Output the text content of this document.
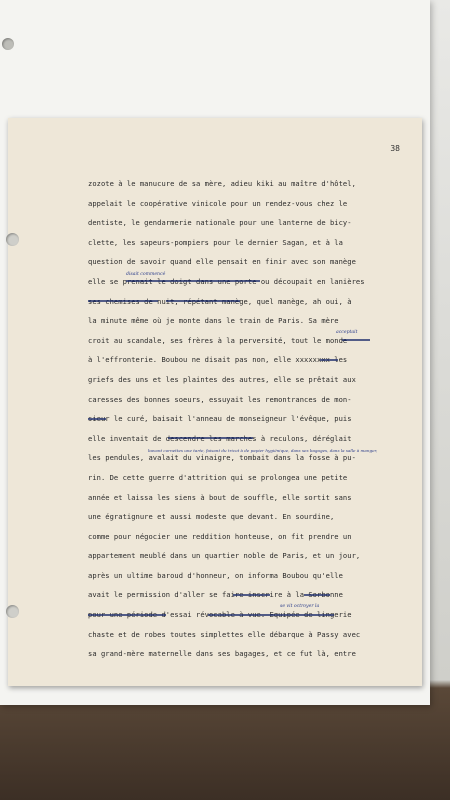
38
zozote à le manucure de sa mère, adieu kiki au maître d'hôtel,
appelait le coopérative vinicole pour un rendez-vous chez le
dentiste, le gendarmerie nationale pour une lanterne de bicy-
clette, les sapeurs-pompiers pour le dernier Sagan, et à la
question de savoir quand elle pensait en finir avec son manège
elle se prenait le doigt dans une porte ou découpait en lanières
ses chemises de nuit, répétant manège, quel manège, ah oui, à
la minute même où je monte dans le train de Paris. Sa mère
croit au scandale, ses frères à la perversité, tout le monde
à l'effronterie. Boubou ne disait pas non, elle xxxxxxxx les
griefs des uns et les plaintes des autres, elle se prêtait aux
caresses des bonnes soeurs, essuyait les remontrances de mon-
sieur le curé, baisait l'anneau de monseigneur l'évêque, puis
elle inventait de descendre les marches à reculons, déréglait
les pendules, avalait du vinaigre, tombait dans la fosse à pu-
rin. De cette guerre d'attrition qui se prolongea une petite
année et laissa les siens à bout de souffle, elle sortit sans
une égratignure et aussi modeste que devant. En sourdine,
comme pour négocier une reddition honteuse, on fit prendre un
appartement meublé dans un quartier noble de Paris, et un jour,
après un ultime baroud d'honneur, on informa Boubou qu'elle
avait le permission d'aller se faire inscrire à la Sorbonne
pour une période d'essai révocable à vue. Equipée de lingerie
chaste et de robes toutes simplettes elle débarque à Passy avec
sa grand-mère maternelle dans ses bagages, et ce fut là, entre
disait commencé
acceptait
bavant cornettes une tarte, faisant du tricot à de papier hygiénique, dans ses bagages, dans la salle à manger,
se vit octroyer la
